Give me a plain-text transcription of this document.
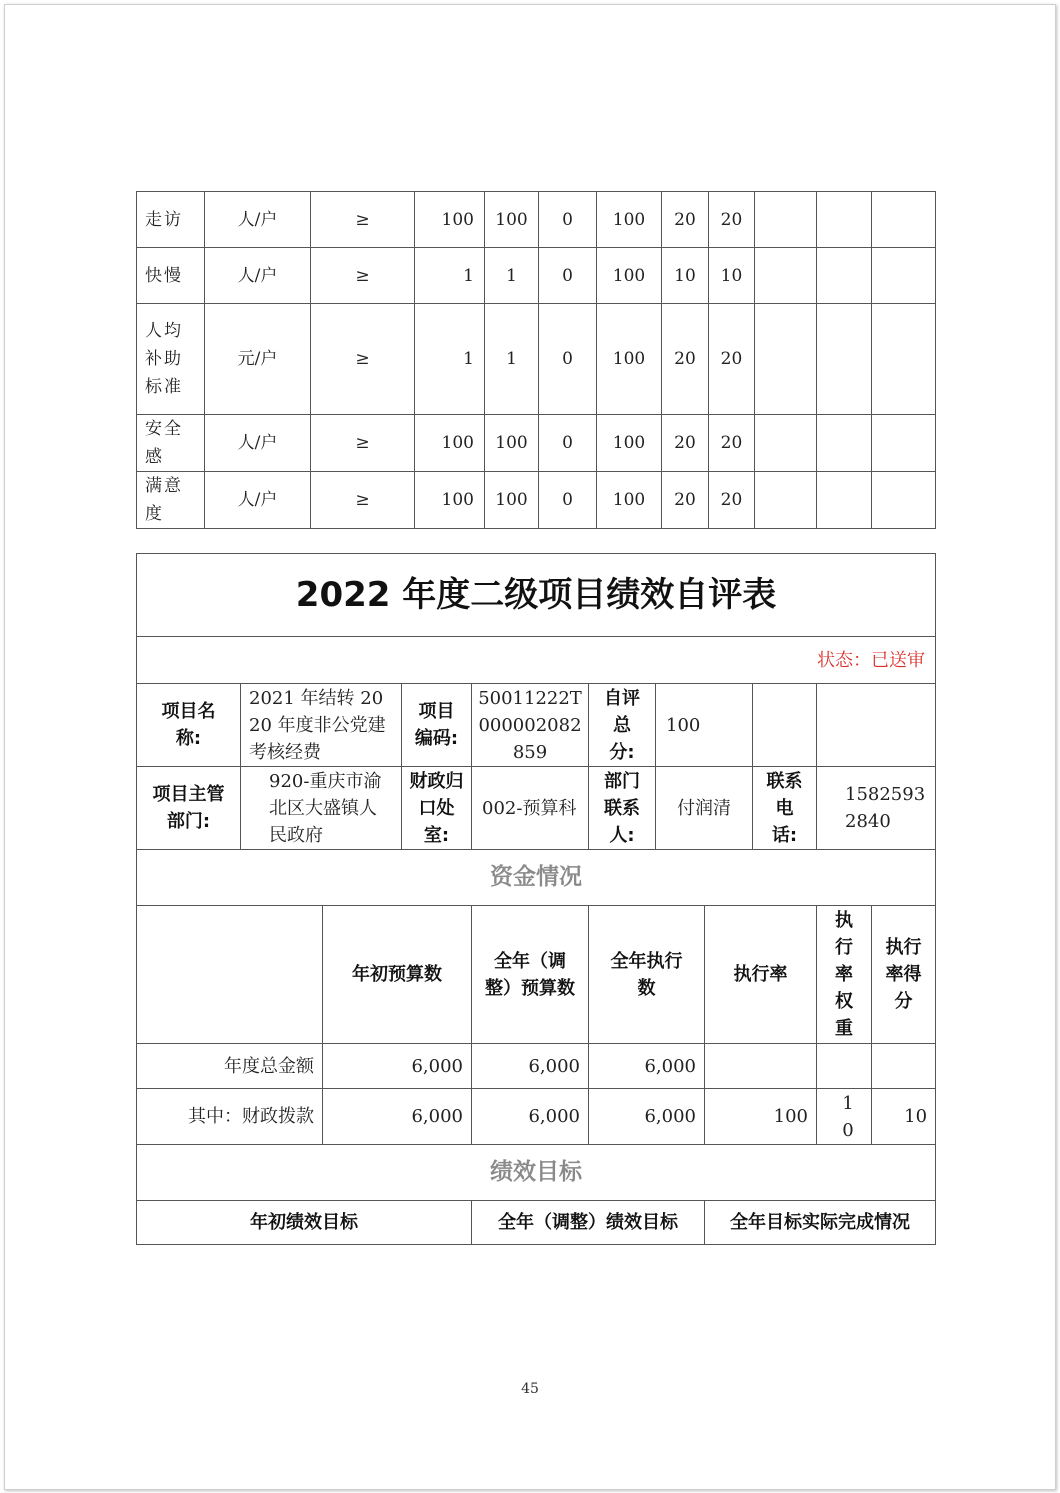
走访	人/户	≥	100	100	0	100	20	20			
快慢	人/户	≥	1	1	0	100	10	10			
人均补助标准	元/户	≥	1	1	0	100	20	20			
安全感	人/户	≥	100	100	0	100	20	20			
满意度	人/户	≥	100	100	0	100	20	20			
2022 年度二级项目绩效自评表										
状态：已送审										
项目名称:	2021 年结转 2020 年度非公党建考核经费		项目编码:	50011222T000002082859	自评总分:	100				
项目主管部门:	920-重庆市渝北区大盛镇人民政府		财政归口处室:	002-预算科	部门联系人:	付润清		联系电话:	15825932840	
资金情况										
		年初预算数		全年（调整）预算数	全年执行数		执行率		执行率权重	执行率得分
年度总金额		6,000		6,000	6,000					
其中：财政拨款		6,000		6,000	6,000		100		10	10
绩效目标										
年初绩效目标				全年（调整）绩效目标			全年目标实际完成情况			
45
